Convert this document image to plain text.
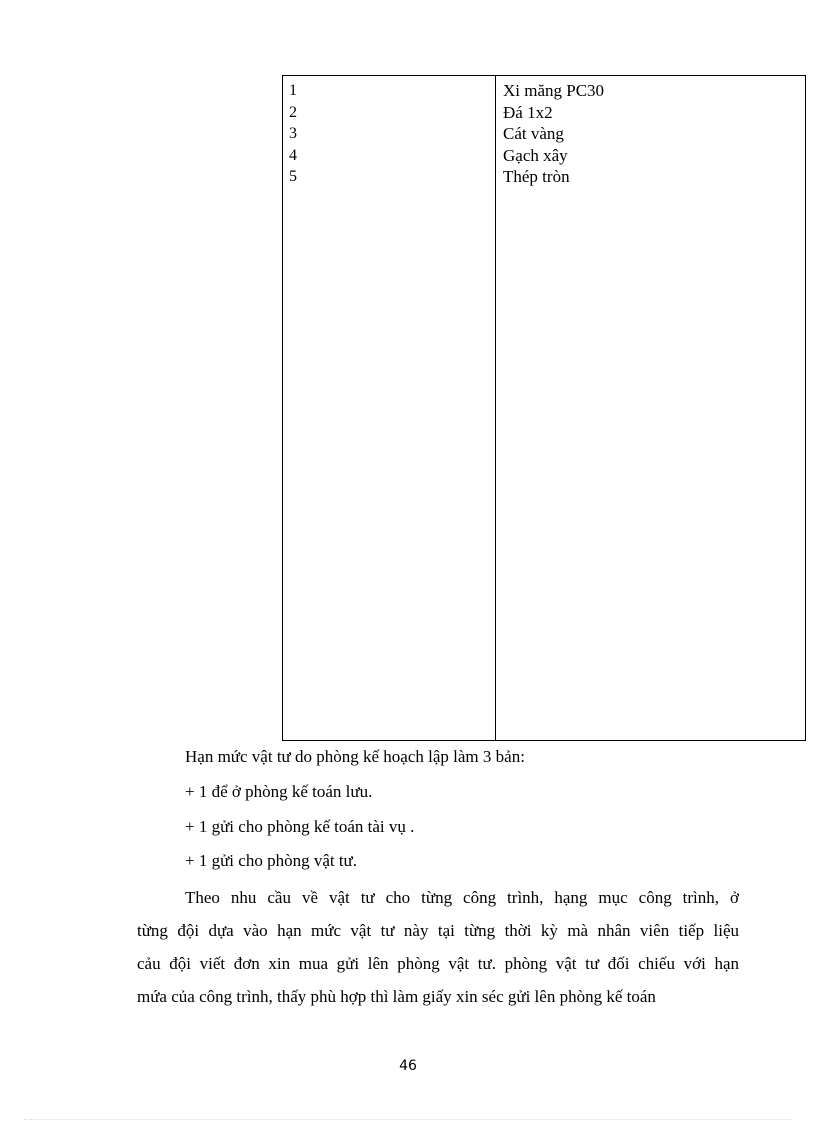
1
2
3
4
5
Xi măng PC30
Đá 1x2
Cát vàng
Gạch xây
Thép tròn
Hạn mức vật tư do phòng kế hoạch lập làm 3 bản:
+ 1 để ở phòng kế toán lưu.
+ 1 gửi cho phòng kế toán tài vụ .
+ 1 gửi cho phòng vật tư.
Theo nhu cầu về vật tư cho từng công trình, hạng mục công trình, ở
từng đội dựa vào hạn mức vật tư này tại từng thời kỳ mà nhân viên tiếp liệu
cảu đội viết đơn xin mua gửi lên phòng vật tư. phòng vật tư đối chiếu với hạn
mứa của công trình, thấy phù hợp thì làm giấy xin séc gửi lên phòng kế toán
46
